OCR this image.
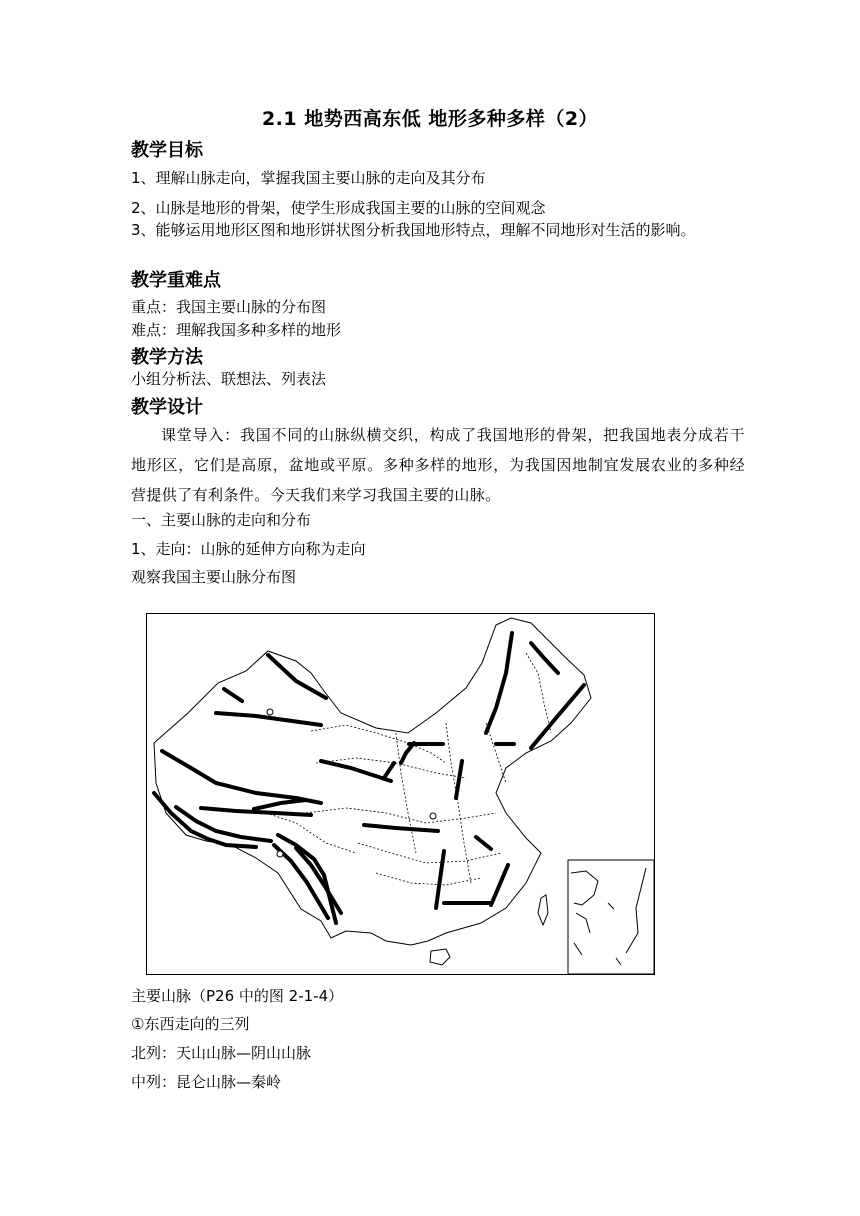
2.1 地势西高东低 地形多种多样（2）
教学目标
1、理解山脉走向，掌握我国主要山脉的走向及其分布
2、山脉是地形的骨架，使学生形成我国主要的山脉的空间观念
3、能够运用地形区图和地形饼状图分析我国地形特点，理解不同地形对生活的影响。
教学重难点
重点：我国主要山脉的分布图
难点：理解我国多种多样的地形
教学方法
小组分析法、联想法、列表法
教学设计
课堂导入：我国不同的山脉纵横交织，构成了我国地形的骨架，把我国地表分成若干地形区，它们是高原，盆地或平原。多种多样的地形，为我国因地制宜发展农业的多种经营提供了有利条件。今天我们来学习我国主要的山脉。
一、主要山脉的走向和分布
1、走向：山脉的延伸方向称为走向
观察我国主要山脉分布图
主要山脉（P26 中的图 2-1-4）
①东西走向的三列
北列：天山山脉—阴山山脉
中列：昆仑山脉—秦岭
